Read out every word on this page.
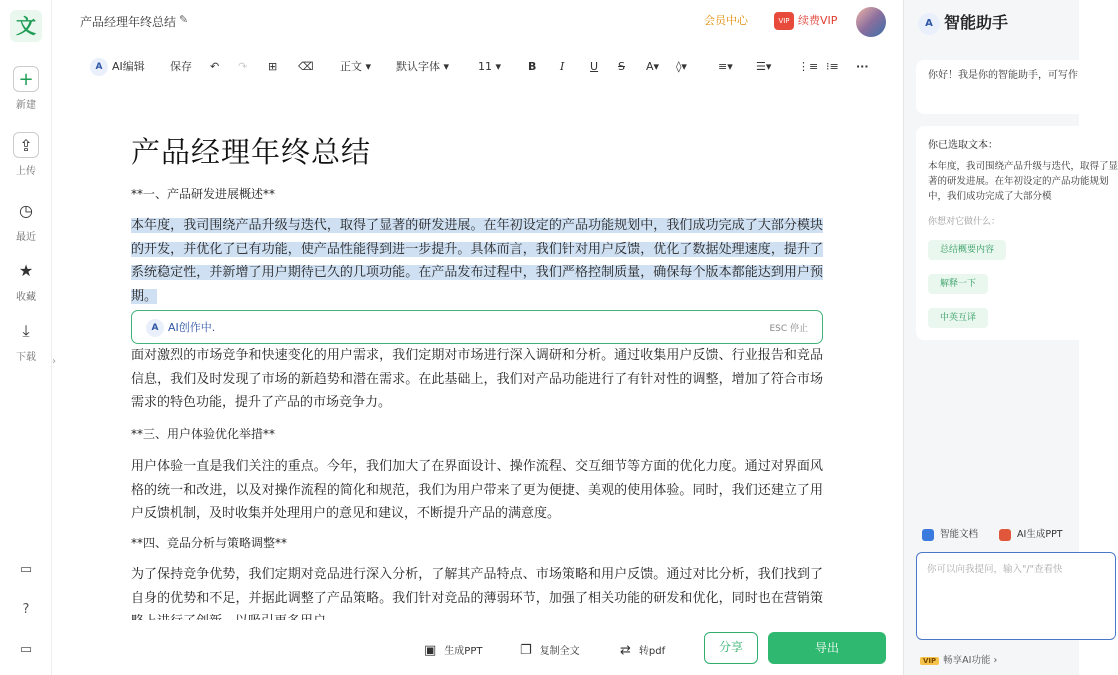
文
+
新建
⇪
上传
◷
最近
★
收藏
⤓
下载
▭
?
▭
›
产品经理年终总结 ✎	会员中心	VIP 续费VIP
A AI编辑 保存 ↶ ↷ ⊞ ⌫ 正文 ▾ 默认字体 ▾	11 ▾ B I U S A▾ ◊▾	≡▾ ☰▾ ⋮≡ ⁝≡ ···
产品经理年终总结
**一、产品研发进展概述**
本年度，我司围绕产品升级与迭代，取得了显著的研发进展。在年初设定的产品功能规划中，我们成功完成了大部分模块的开发，并优化了已有功能，使产品性能得到进一步提升。具体而言，我们针对用户反馈，优化了数据处理速度，提升了系统稳定性，并新增了用户期待已久的几项功能。在产品发布过程中，我们严格控制质量，确保每个版本都能达到用户预期。
A AI创作中.	ESC 停止
面对激烈的市场竞争和快速变化的用户需求，我们定期对市场进行深入调研和分析。通过收集用户反馈、行业报告和竞品信息，我们及时发现了市场的新趋势和潜在需求。在此基础上，我们对产品功能进行了有针对性的调整，增加了符合市场需求的特色功能，提升了产品的市场竞争力。
**三、用户体验优化举措**
用户体验一直是我们关注的重点。今年，我们加大了在界面设计、操作流程、交互细节等方面的优化力度。通过对界面风格的统一和改进，以及对操作流程的简化和规范，我们为用户带来了更为便捷、美观的使用体验。同时，我们还建立了用户反馈机制，及时收集并处理用户的意见和建议，不断提升产品的满意度。
**四、竞品分析与策略调整**
为了保持竞争优势，我们定期对竞品进行深入分析，了解其产品特点、市场策略和用户反馈。通过对比分析，我们找到了自身的优势和不足，并据此调整了产品策略。我们针对竞品的薄弱环节，加强了相关功能的研发和优化，同时也在营销策
▣ 生成PPT	❐ 复制全文	⇄ 转pdf	分享	导出
A 智能助手
你好！我是你的智能助手，可写作
你已选取文本：
本年度，我司围绕产品升级与迭代，取得了显著的研发进展。在年初设定的产品功能规划中，我们成功完成了大部分模
你想对它做什么：
总结概要内容
解释一下
中英互译
智能文档	AI生成PPT
你可以向我提问，输入"/"查看快
VIP 畅享AI功能 ›
